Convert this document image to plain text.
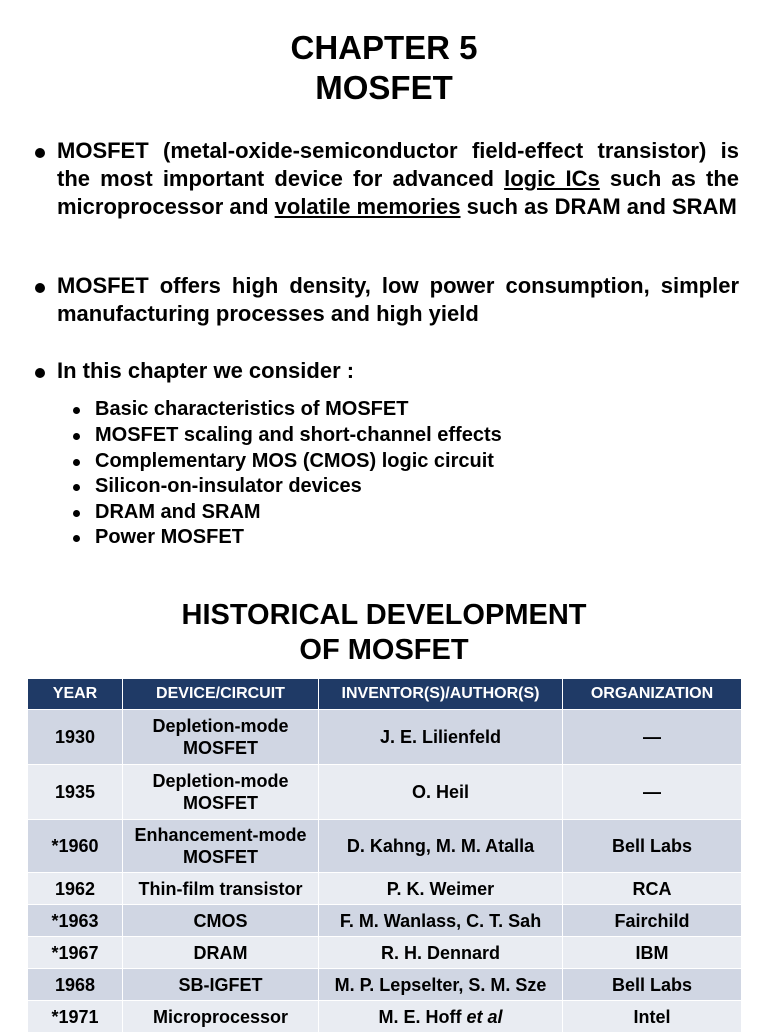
CHAPTER 5
MOSFET
MOSFET (metal-oxide-semiconductor field-effect transistor) is the most important device for advanced logic ICs such as the microprocessor and volatile memories such as DRAM and SRAM
MOSFET offers high density, low power consumption, simpler manufacturing processes and high yield
In this chapter we consider :
Basic characteristics of MOSFET
MOSFET scaling and short-channel effects
Complementary MOS (CMOS) logic circuit
Silicon-on-insulator devices
DRAM and SRAM
Power MOSFET
HISTORICAL DEVELOPMENT
OF MOSFET
YEAR	DEVICE/CIRCUIT	INVENTOR(S)/AUTHOR(S)	ORGANIZATION
1930	Depletion-mode MOSFET	J. E. Lilienfeld	—
1935	Depletion-mode MOSFET	O. Heil	—
*1960	Enhancement-mode MOSFET	D. Kahng, M. M. Atalla	Bell Labs
1962	Thin-film transistor	P. K. Weimer	RCA
*1963	CMOS	F. M. Wanlass, C. T. Sah	Fairchild
*1967	DRAM	R. H. Dennard	IBM
1968	SB-IGFET	M. P. Lepselter, S. M. Sze	Bell Labs
*1971	Microprocessor	M. E. Hoff et al	Intel
